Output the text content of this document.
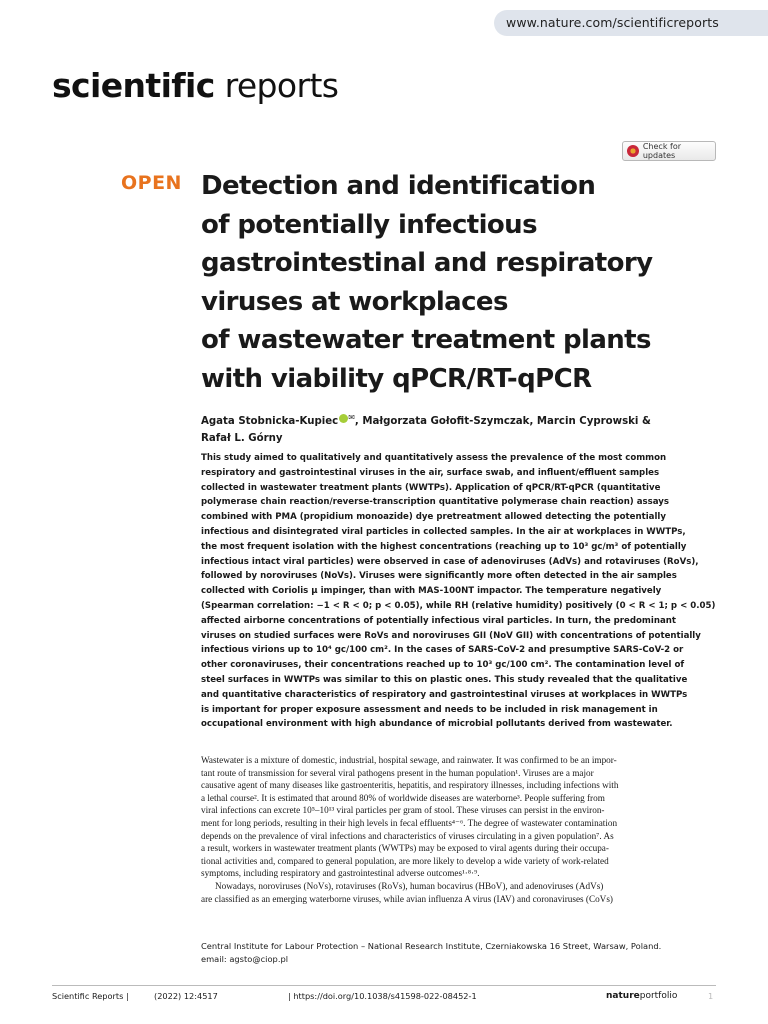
www.nature.com/scientificreports
scientific reports
Check for updates
OPEN Detection and identification
of potentially infectious
gastrointestinal and respiratory
viruses at workplaces
of wastewater treatment plants
with viability qPCR/RT-qPCR
Agata Stobnicka-Kupiec ✉, Małgorzata Gołofit-Szymczak, Marcin Cyprowski &
Rafał L. Górny
This study aimed to qualitatively and quantitatively assess the prevalence of the most common
respiratory and gastrointestinal viruses in the air, surface swab, and influent/effluent samples
collected in wastewater treatment plants (WWTPs). Application of qPCR/RT-qPCR (quantitative
polymerase chain reaction/reverse-transcription quantitative polymerase chain reaction) assays
combined with PMA (propidium monoazide) dye pretreatment allowed detecting the potentially
infectious and disintegrated viral particles in collected samples. In the air at workplaces in WWTPs,
the most frequent isolation with the highest concentrations (reaching up to 10³ gc/m³ of potentially
infectious intact viral particles) were observed in case of adenoviruses (AdVs) and rotaviruses (RoVs),
followed by noroviruses (NoVs). Viruses were significantly more often detected in the air samples
collected with Coriolis μ impinger, than with MAS-100NT impactor. The temperature negatively
(Spearman correlation: −1 < R < 0; p < 0.05), while RH (relative humidity) positively (0 < R < 1; p < 0.05)
affected airborne concentrations of potentially infectious viral particles. In turn, the predominant
viruses on studied surfaces were RoVs and noroviruses GII (NoV GII) with concentrations of potentially
infectious virions up to 10⁴ gc/100 cm². In the cases of SARS-CoV-2 and presumptive SARS-CoV-2 or
other coronaviruses, their concentrations reached up to 10³ gc/100 cm². The contamination level of
steel surfaces in WWTPs was similar to this on plastic ones. This study revealed that the qualitative
and quantitative characteristics of respiratory and gastrointestinal viruses at workplaces in WWTPs
is important for proper exposure assessment and needs to be included in risk management in
occupational environment with high abundance of microbial pollutants derived from wastewater.
Wastewater is a mixture of domestic, industrial, hospital sewage, and rainwater. It was confirmed to be an impor-
tant route of transmission for several viral pathogens present in the human population¹. Viruses are a major
causative agent of many diseases like gastroenteritis, hepatitis, and respiratory illnesses, including infections with
a lethal course². It is estimated that around 80% of worldwide diseases are waterborne³. People suffering from
viral infections can excrete 10⁵–10¹³ viral particles per gram of stool. These viruses can persist in the environ-
ment for long periods, resulting in their high levels in fecal effluents⁴⁻⁶. The degree of wastewater contamination
depends on the prevalence of viral infections and characteristics of viruses circulating in a given population⁷. As
a result, workers in wastewater treatment plants (WWTPs) may be exposed to viral agents during their occupa-
tional activities and, compared to general population, are more likely to develop a wide variety of work-related
symptoms, including respiratory and gastrointestinal adverse outcomes¹·⁸·⁹.
Nowadays, noroviruses (NoVs), rotaviruses (RoVs), human bocavirus (HBoV), and adenoviruses (AdVs)
are classified as an emerging waterborne viruses, while avian influenza A virus (IAV) and coronaviruses (CoVs)
Central Institute for Labour Protection – National Research Institute, Czerniakowska 16 Street, Warsaw, Poland.
email: agsto@ciop.pl
Scientific Reports |	(2022) 12:4517	| https://doi.org/10.1038/s41598-022-08452-1	natureportfolio	1
